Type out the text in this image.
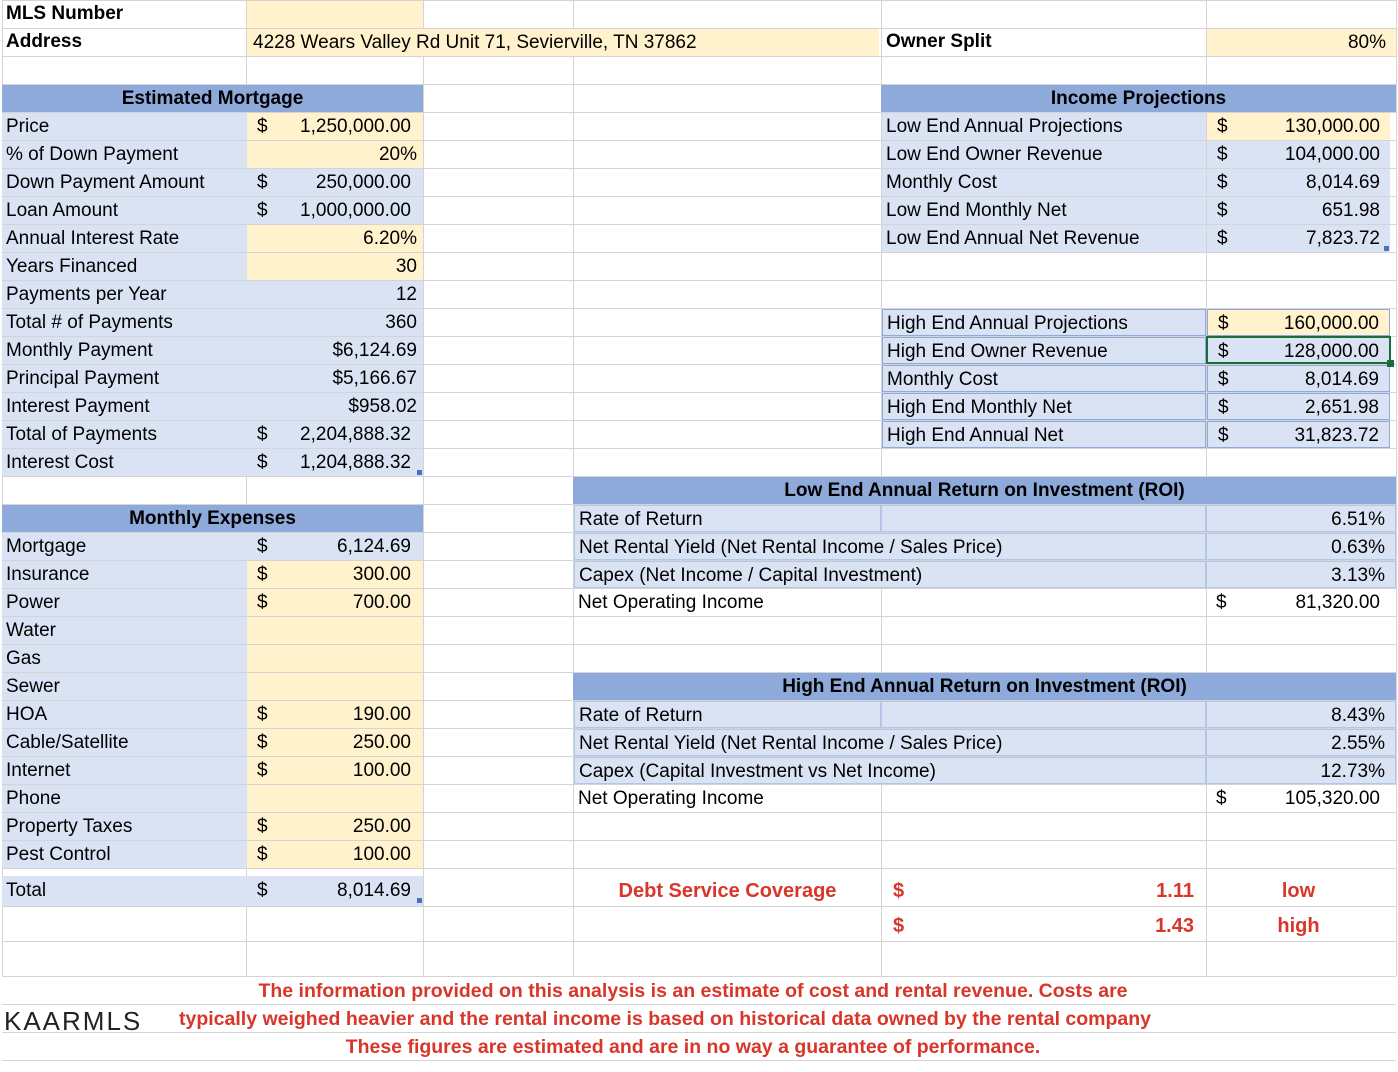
MLS Number
Address	4228 Wears Valley Rd Unit 71, Sevierville, TN 37862	Owner Split	80%
Estimated Mortgage
Price	$ 1,250,000.00
% of Down Payment	20%
Down Payment Amount	$	250,000.00
Loan Amount	$ 1,000,000.00
Annual Interest Rate	6.20%
Years Financed	30
Payments per Year	12
Total # of Payments	360
Monthly Payment	$6,124.69
Principal Payment	$5,166.67
Interest Payment	$958.02
Total of Payments	$ 2,204,888.32
Interest Cost	$ 1,204,888.32
Monthly Expenses
Mortgage	$	6,124.69
Insurance	$	300.00
Power	$	700.00
Water
Gas
Sewer
HOA	$	190.00
Cable/Satellite	$	250.00
Internet	$	100.00
Phone
Property Taxes	$	250.00
Pest Control	$	100.00
Total	$	8,014.69
Income Projections
Low End Annual Projections	$	130,000.00
Low End Owner Revenue	$	104,000.00
Monthly Cost	$	8,014.69
Low End Monthly Net	$	651.98
Low End Annual Net Revenue	$	7,823.72
High End Annual Projections	$	160,000.00
High End Owner Revenue	$	128,000.00
Monthly Cost	$	8,014.69
High End Monthly Net	$	2,651.98
High End Annual Net	$	31,823.72
Low End Annual Return on Investment (ROI)
Rate of Return	6.51%
Net Rental Yield (Net Rental Income / Sales Price)	0.63%
Capex (Net Income / Capital Investment)	3.13%
Net Operating Income	$	81,320.00
High End Annual Return on Investment (ROI)
Rate of Return	8.43%
Net Rental Yield (Net Rental Income / Sales Price)	2.55%
Capex (Capital Investment vs Net Income)	12.73%
Net Operating Income	$	105,320.00
Debt Service Coverage	$	1.11	low
$	1.43	high
KAARMLS
The information provided on this analysis is an estimate of cost and rental revenue. Costs are
typically weighed heavier and the rental income is based on historical data owned by the rental company
These figures are estimated and are in no way a guarantee of performance.
